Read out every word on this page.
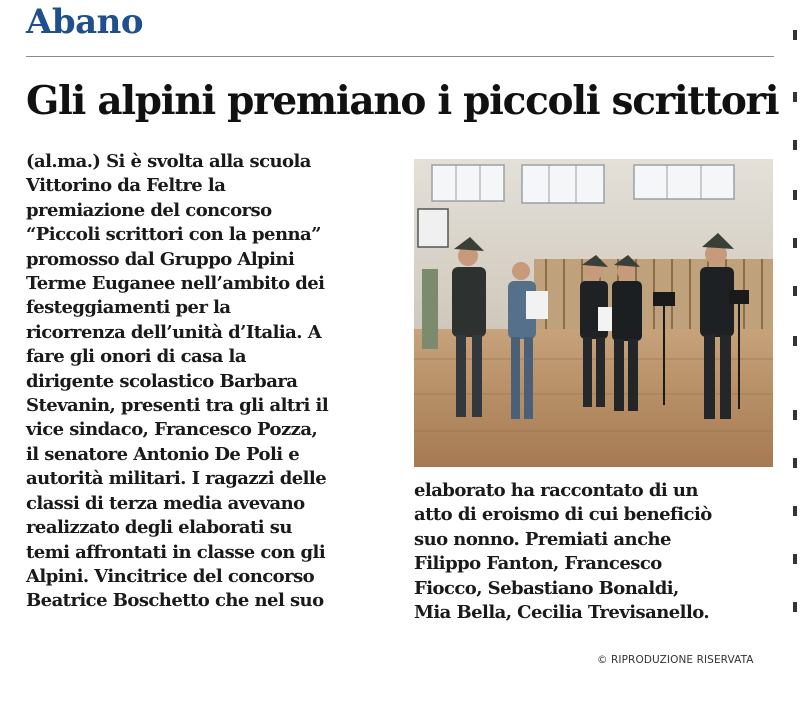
Abano
Gli alpini premiano i piccoli scrittori
(al.ma.) Si è svolta alla scuola
Vittorino da Feltre la
premiazione del concorso
“Piccoli scrittori con la penna”
promosso dal Gruppo Alpini
Terme Euganee nell’ambito dei
festeggiamenti per la
ricorrenza dell’unità d’Italia. A
fare gli onori di casa la
dirigente scolastico Barbara
Stevanin, presenti tra gli altri il
vice sindaco, Francesco Pozza,
il senatore Antonio De Poli e
autorità militari. I ragazzi delle
classi di terza media avevano
realizzato degli elaborati su
temi affrontati in classe con gli
Alpini. Vincitrice del concorso
Beatrice Boschetto che nel suo
elaborato ha raccontato di un
atto di eroismo di cui beneficiò
suo nonno. Premiati anche
Filippo Fanton, Francesco
Fiocco, Sebastiano Bonaldi,
Mia Bella, Cecilia Trevisanello.
© RIPRODUZIONE RISERVATA
